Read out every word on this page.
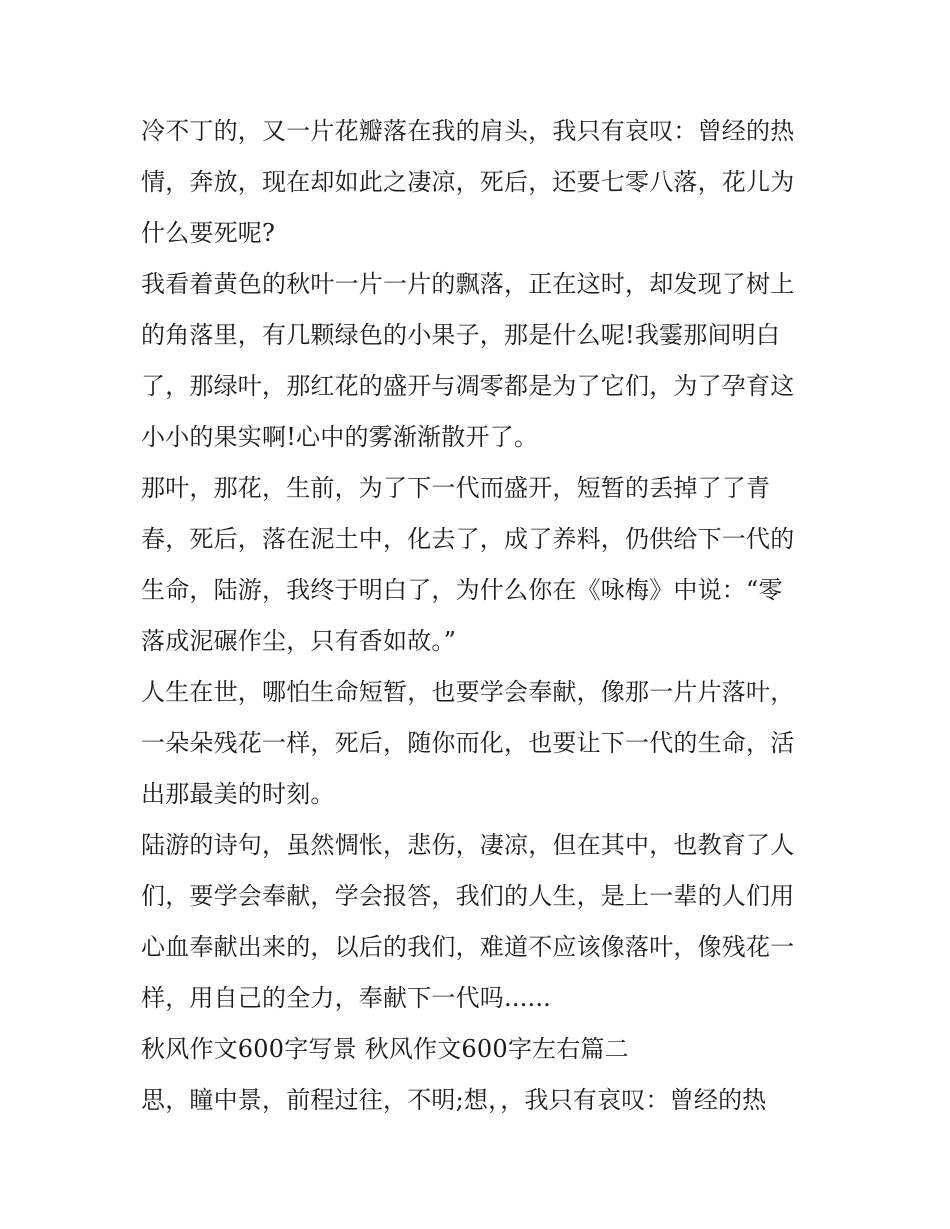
冷不丁的，又一片花瓣落在我的肩头，我只有哀叹：曾经的热
情，奔放，现在却如此之凄凉，死后，还要七零八落，花儿为
什么要死呢?
我看着黄色的秋叶一片一片的飘落，正在这时，却发现了树上
的角落里，有几颗绿色的小果子，那是什么呢!我霎那间明白
了，那绿叶，那红花的盛开与凋零都是为了它们，为了孕育这
小小的果实啊!心中的雾渐渐散开了。
那叶，那花，生前，为了下一代而盛开，短暂的丢掉了了青
春，死后，落在泥土中，化去了，成了养料，仍供给下一代的
生命，陆游，我终于明白了，为什么你在《咏梅》中说：“零
落成泥碾作尘，只有香如故。”
人生在世，哪怕生命短暂，也要学会奉献，像那一片片落叶，
一朵朵残花一样，死后，随你而化，也要让下一代的生命，活
出那最美的时刻。
陆游的诗句，虽然惆怅，悲伤，凄凉，但在其中，也教育了人
们，要学会奉献，学会报答，我们的人生，是上一辈的人们用
心血奉献出来的，以后的我们，难道不应该像落叶，像残花一
样，用自己的全力，奉献下一代吗......
秋风作文600字写景 秋风作文600字左右篇二
思，瞳中景，前程过往，不明;想，，我只有哀叹：曾经的热
